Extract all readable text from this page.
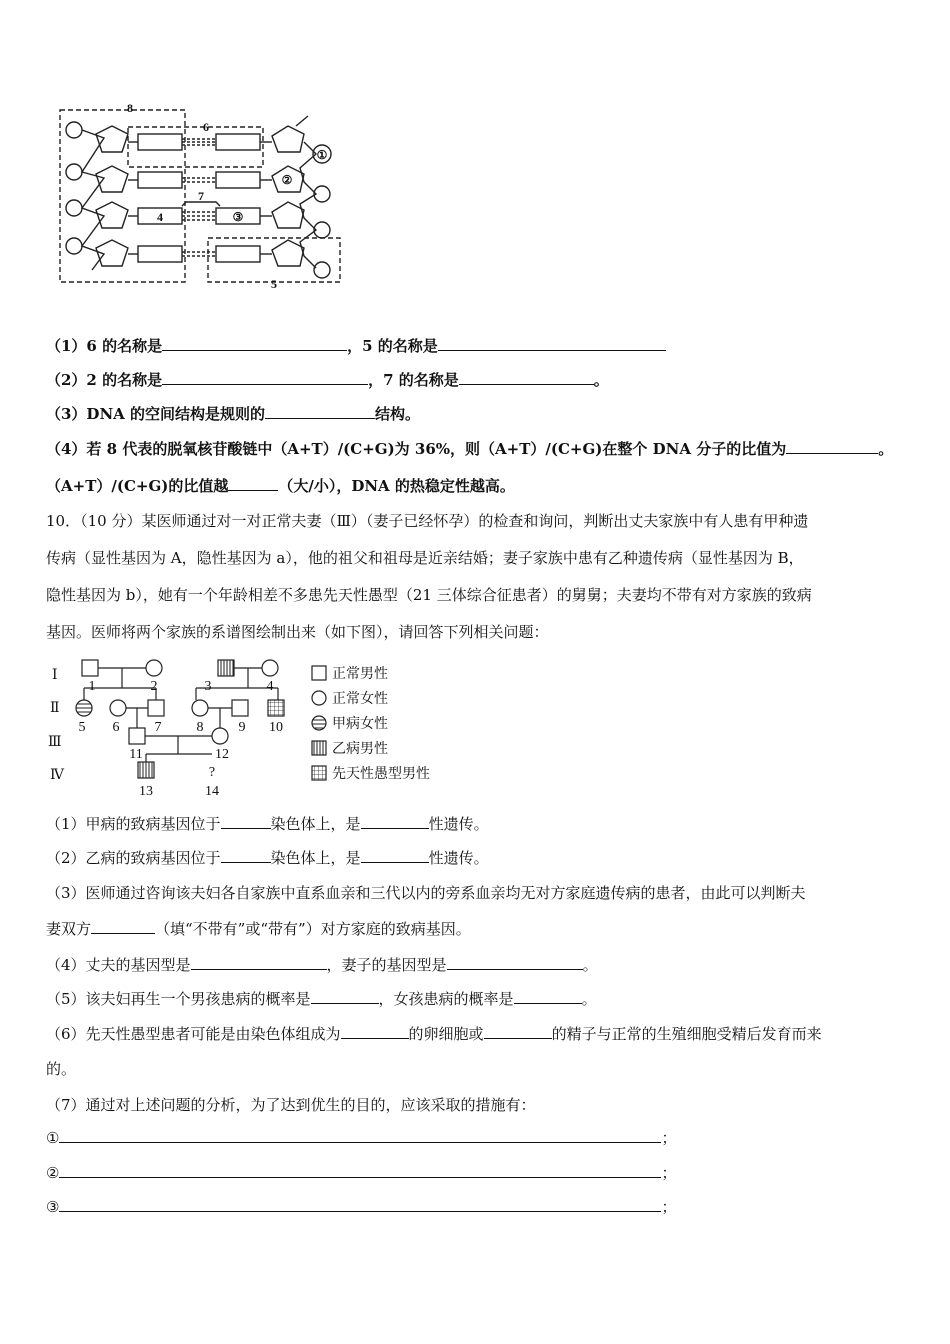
8
6
①
②
7
4	③
5
（1）6 的名称是	，5 的名称是
（2）2 的名称是	，7 的名称是	。
（3）DNA 的空间结构是规则的	结构。
（4）若 8 代表的脱氧核苷酸链中（A+T）/(C+G)为 36%，则（A+T）/(C+G)在整个 DNA 分子的比值为	。
（A+T）/(C+G)的比值越	（大/小），DNA 的热稳定性越高。
10．（10 分）某医师通过对一对正常夫妻（Ⅲ）（妻子已经怀孕）的检查和询问，判断出丈夫家族中有人患有甲种遗
传病（显性基因为 A，隐性基因为 a），他的祖父和祖母是近亲结婚；妻子家族中患有乙种遗传病（显性基因为 B，
隐性基因为 b），她有一个年龄相差不多患先天性愚型（21 三体综合征患者）的舅舅；夫妻均不带有对方家族的致病
基因。医师将两个家族的系谱图绘制出来（如下图），请回答下列相关问题：
Ⅰ
Ⅱ
Ⅲ
Ⅳ
1	2	3	4
5 6	7	8	9 10
11	12
13
?
14
正常男性
正常女性
甲病女性
乙病男性
先天性愚型男性
（1）甲病的致病基因位于	染色体上，是	性遗传。
（2）乙病的致病基因位于	染色体上，是	性遗传。
（3）医师通过咨询该夫妇各自家族中直系血亲和三代以内的旁系血亲均无对方家庭遗传病的患者，由此可以判断夫
妻双方	（填“不带有”或“带有”）对方家庭的致病基因。
（4）丈夫的基因型是	，妻子的基因型是	。
（5）该夫妇再生一个男孩患病的概率是	，女孩患病的概率是	。
（6）先天性愚型患者可能是由染色体组成为	的卵细胞或	的精子与正常的生殖细胞受精后发育而来
的。
（7）通过对上述问题的分析，为了达到优生的目的，应该采取的措施有：
①	；
②	；
③	；
